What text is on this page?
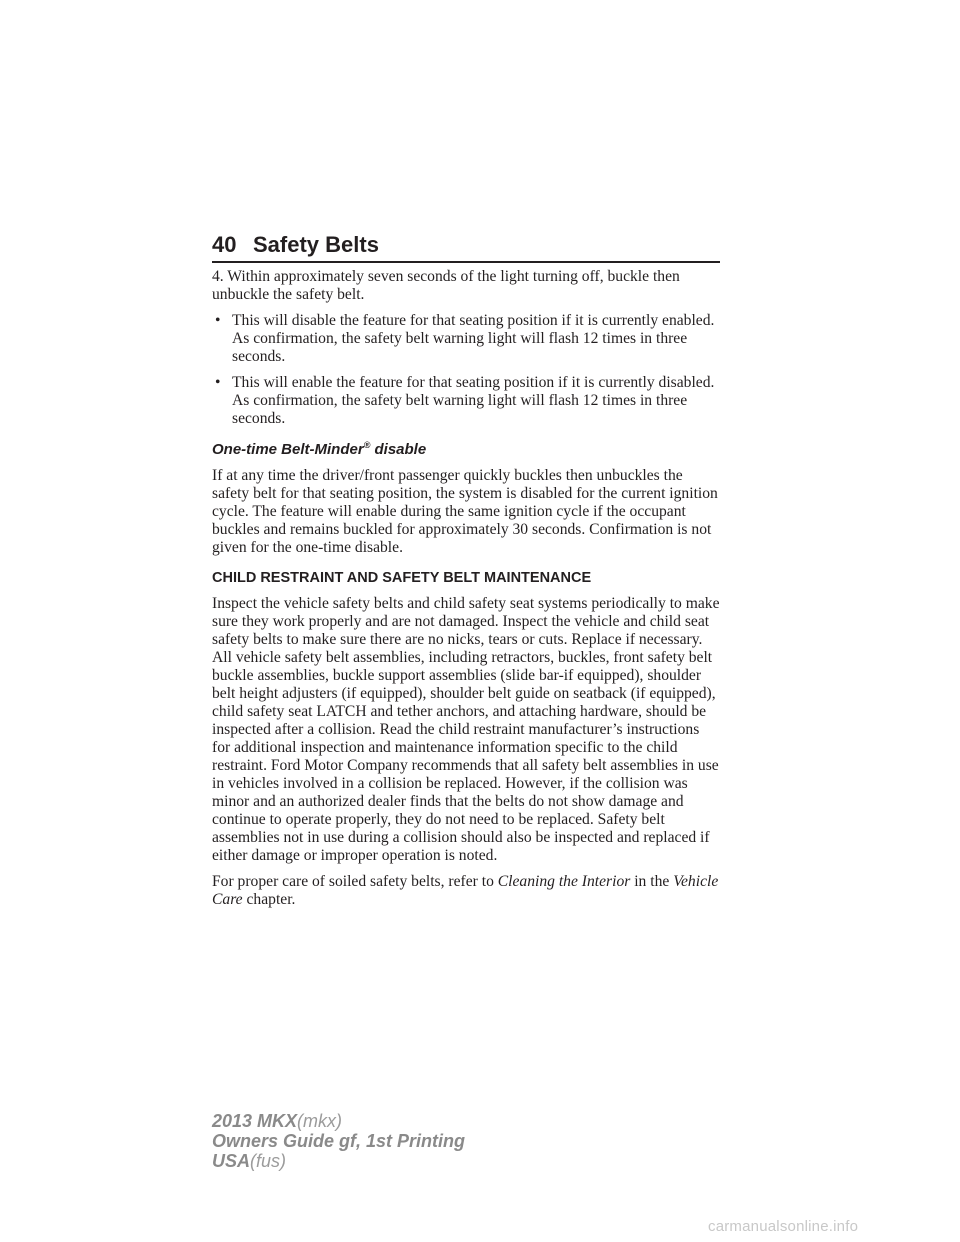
40 Safety Belts

4. Within approximately seven seconds of the light turning off, buckle then unbuckle the safety belt.

• This will disable the feature for that seating position if it is currently enabled. As confirmation, the safety belt warning light will flash 12 times in three seconds.
• This will enable the feature for that seating position if it is currently disabled. As confirmation, the safety belt warning light will flash 12 times in three seconds.
One-time Belt-Minder® disable

If at any time the driver/front passenger quickly buckles then unbuckles the safety belt for that seating position, the system is disabled for the current ignition cycle. The feature will enable during the same ignition cycle if the occupant buckles and remains buckled for approximately 30 seconds. Confirmation is not given for the one-time disable.

CHILD RESTRAINT AND SAFETY BELT MAINTENANCE

Inspect the vehicle safety belts and child safety seat systems periodically to make sure they work properly and are not damaged. Inspect the vehicle and child seat safety belts to make sure there are no nicks, tears or cuts. Replace if necessary. All vehicle safety belt assemblies, including retractors, buckles, front safety belt buckle assemblies, buckle support assemblies (slide bar-if equipped), shoulder belt height adjusters (if equipped), shoulder belt guide on seatback (if equipped), child safety seat LATCH and tether anchors, and attaching hardware, should be inspected after a collision. Read the child restraint manufacturer’s instructions for additional inspection and maintenance information specific to the child restraint. Ford Motor Company recommends that all safety belt assemblies in use in vehicles involved in a collision be replaced. However, if the collision was minor and an authorized dealer finds that the belts do not show damage and continue to operate properly, they do not need to be replaced. Safety belt assemblies not in use during a collision should also be inspected and replaced if either damage or improper operation is noted.

For proper care of soiled safety belts, refer to Cleaning the Interior in the Vehicle Care chapter.

2013 MKX(mkx)
Owners Guide gf, 1st Printing
USA(fus)
carmanualsonline.info
